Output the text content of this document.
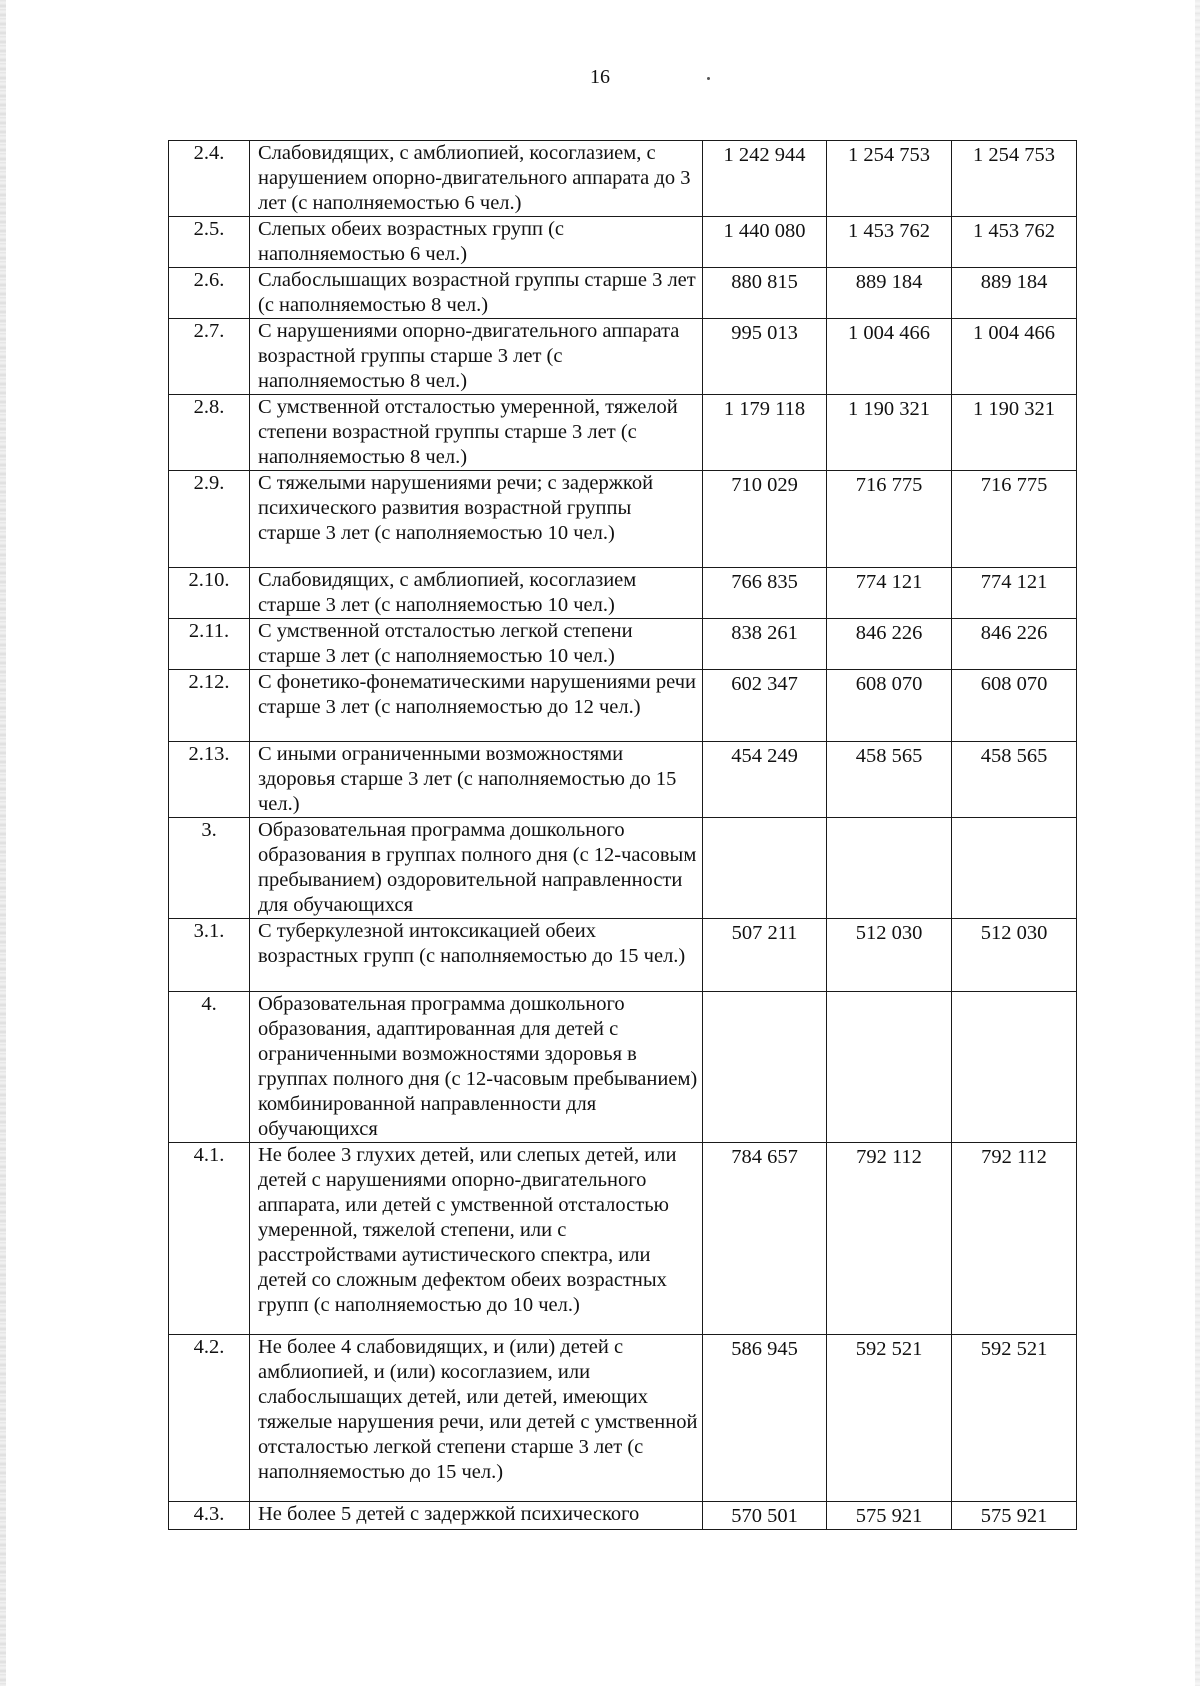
16
2.4.	Слабовидящих, с амблиопией, косоглазием, с нарушением опорно-двигательного аппарата до 3 лет (с наполняемостью 6 чел.)	1 242 944	1 254 753	1 254 753
2.5.	Слепых обеих возрастных групп (с наполняемостью 6 чел.)	1 440 080	1 453 762	1 453 762
2.6.	Слабослышащих возрастной группы старше 3 лет (с наполняемостью 8 чел.)	880 815	889 184	889 184
2.7.	С нарушениями опорно-двигательного аппарата возрастной группы старше 3 лет (с наполняемостью 8 чел.)	995 013	1 004 466	1 004 466
2.8.	С умственной отсталостью умеренной, тяжелой степени возрастной группы старше 3 лет (с наполняемостью 8 чел.)	1 179 118	1 190 321	1 190 321
2.9.	С тяжелыми нарушениями речи; с задержкой психического развития возрастной группы старше 3 лет (с наполняемостью 10 чел.)	710 029	716 775	716 775
2.10.	Слабовидящих, с амблиопией, косоглазием старше 3 лет (с наполняемостью 10 чел.)	766 835	774 121	774 121
2.11.	С умственной отсталостью легкой степени старше 3 лет (с наполняемостью 10 чел.)	838 261	846 226	846 226
2.12.	С фонетико-фонематическими нарушениями речи старше 3 лет (с наполняемостью до 12 чел.)	602 347	608 070	608 070
2.13.	С иными ограниченными возможностями здоровья старше 3 лет (с наполняемостью до 15 чел.)	454 249	458 565	458 565
3.	Образовательная программа дошкольного образования в группах полного дня (с 12-часовым пребыванием) оздоровительной направленности для обучающихся			
3.1.	С туберкулезной интоксикацией обеих возрастных групп (с наполняемостью до 15 чел.)	507 211	512 030	512 030
4.	Образовательная программа дошкольного образования, адаптированная для детей с ограниченными возможностями здоровья в группах полного дня (с 12-часовым пребыванием) комбинированной направленности для обучающихся			
4.1.	Не более 3 глухих детей, или слепых детей, или детей с нарушениями опорно-двигательного аппарата, или детей с умственной отсталостью умеренной, тяжелой степени, или с расстройствами аутистического спектра, или детей со сложным дефектом обеих возрастных групп (с наполняемостью до 10 чел.)	784 657	792 112	792 112
4.2.	Не более 4 слабовидящих, и (или) детей с амблиопией, и (или) косоглазием, или слабослышащих детей, или детей, имеющих тяжелые нарушения речи, или детей с умственной отсталостью легкой степени старше 3 лет (с наполняемостью до 15 чел.)	586 945	592 521	592 521
4.3.	Не более 5 детей с задержкой психического	570 501	575 921	575 921
